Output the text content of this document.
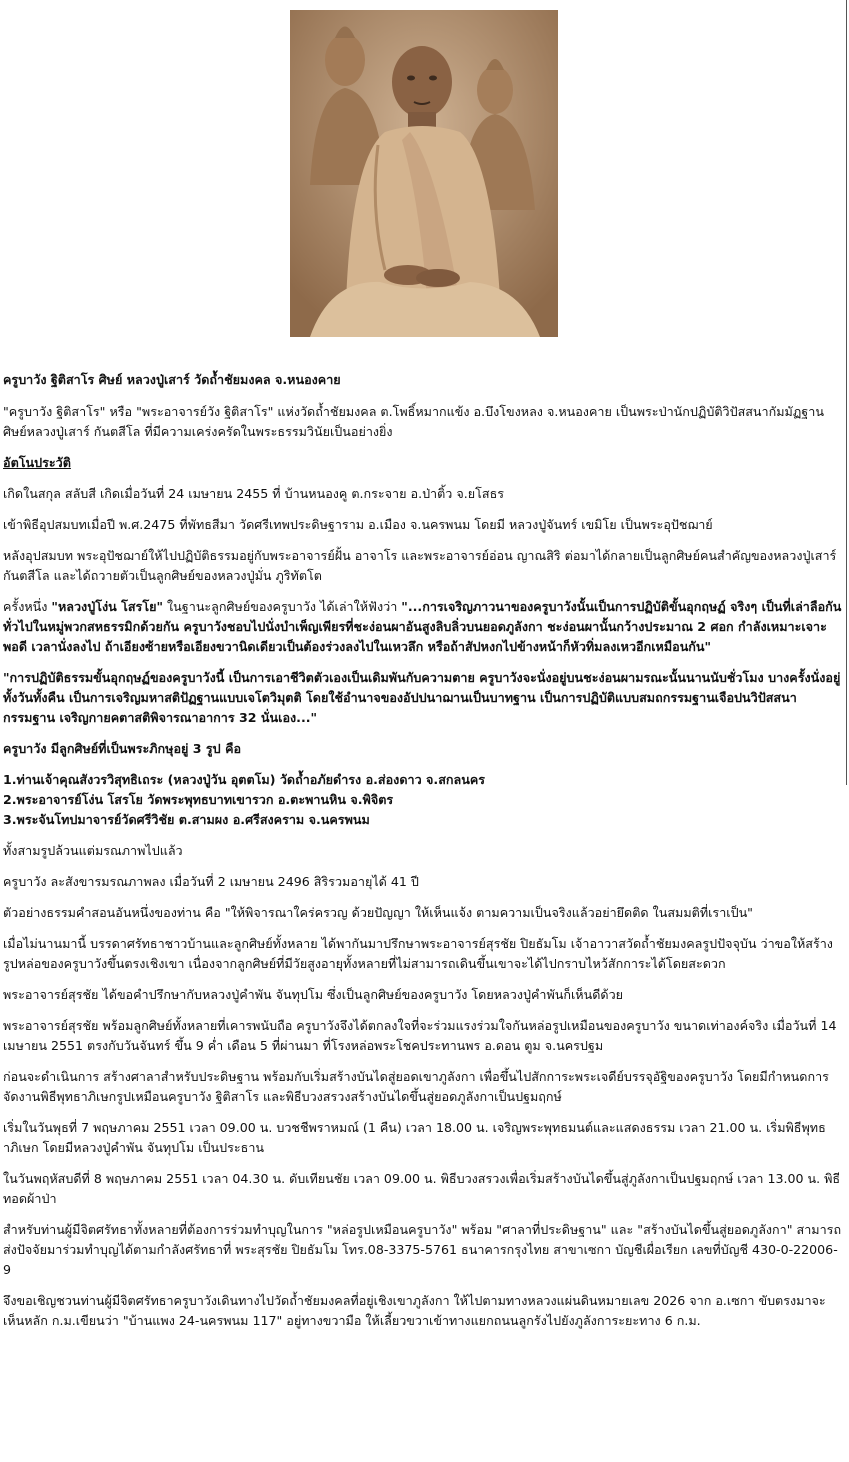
ครูบาวัง ฐิติสาโร ศิษย์ หลวงปู่เสาร์ วัดถ้ำชัยมงคล จ.หนองคาย

"ครูบาวัง ฐิติสาโร" หรือ "พระอาจารย์วัง ฐิติสาโร" แห่งวัดถ้ำชัยมงคล ต.โพธิ์หมากแข้ง อ.บึงโขงหลง จ.หนองคาย เป็นพระป่านักปฏิบัติวิปัสสนากัมมัฏฐานศิษย์หลวงปู่เสาร์ กันตสีโล ที่มีความเคร่งครัดในพระธรรมวินัยเป็นอย่างยิ่ง

อัตโนประวัติ

เกิดในสกุล สลับสี เกิดเมื่อวันที่ 24 เมษายน 2455 ที่ บ้านหนองคู ต.กระจาย อ.ป่าติ้ว จ.ยโสธร

เข้าพิธีอุปสมบทเมื่อปี พ.ศ.2475 ที่พัทธสีมา วัดศรีเทพประดิษฐาราม อ.เมือง จ.นครพนม โดยมี หลวงปู่จันทร์ เขมิโย เป็นพระอุปัชฌาย์

หลังอุปสมบท พระอุปัชฌาย์ให้ไปปฏิบัติธรรมอยู่กับพระอาจารย์ฝั้น อาจาโร และพระอาจารย์อ่อน ญาณสิริ ต่อมาได้กลายเป็นลูกศิษย์คนสำคัญของหลวงปู่เสาร์ กันตสีโล และได้ถวายตัวเป็นลูกศิษย์ของหลวงปู่มั่น ภูริทัตโต

ครั้งหนึ่ง "หลวงปู่โง่น โสรโย" ในฐานะลูกศิษย์ของครูบาวัง ได้เล่าให้ฟังว่า "...การเจริญภาวนาของครูบาวังนั้นเป็นการปฏิบัติขั้นอุกฤษฏ์ จริงๆ เป็นที่เล่าลือกันทั่วไปในหมู่พวกสหธรรมิกด้วยกัน ครูบาวังชอบไปนั่งบำเพ็ญเพียรที่ชะง่อนผาอันสูงลิบลิ่วบนยอดภูลังกา ชะง่อนผานั้นกว้างประมาณ 2 ศอก กำลังเหมาะเจาะพอดี เวลานั่งลงไป ถ้าเอียงซ้ายหรือเอียงขวานิดเดียวเป็นต้องร่วงลงไปในเหวลึก หรือถ้าสัปหงกไปข้างหน้าก็หัวทิ่มลงเหวอีกเหมือนกัน"

"การปฏิบัติธรรมขั้นอุกฤษฏ์ของครูบาวังนี้ เป็นการเอาชีวิตตัวเองเป็นเดิมพันกับความตาย ครูบาวังจะนั่งอยู่บนชะง่อนผามรณะนั้นนานนับชั่วโมง บางครั้งนั่งอยู่ทั้งวันทั้งคืน เป็นการเจริญมหาสติปัฏฐานแบบเจโตวิมุตติ โดยใช้อำนาจของอัปปนาฌานเป็นบาทฐาน เป็นการปฏิบัติแบบสมถกรรมฐานเจือปนวิปัสสนากรรมฐาน เจริญกายคตาสติพิจารณาอาการ 32 นั่นเอง..."

ครูบาวัง มีลูกศิษย์ที่เป็นพระภิกษุอยู่ 3 รูป คือ

1.ท่านเจ้าคุณสังวรวิสุทธิเถระ (หลวงปู่วัน อุตตโม) วัดถ้ำอภัยดำรง อ.ส่องดาว จ.สกลนคร
2.พระอาจารย์โง่น โสรโย วัดพระพุทธบาทเขารวก อ.ตะพานหิน จ.พิจิตร
3.พระจันโทปมาจารย์วัดศรีวิชัย ต.สามผง อ.ศรีสงคราม จ.นครพนม

ทั้งสามรูปล้วนแต่มรณภาพไปแล้ว

ครูบาวัง ละสังขารมรณภาพลง เมื่อวันที่ 2 เมษายน 2496 สิริรวมอายุได้ 41 ปี

ตัวอย่างธรรมคำสอนอันหนึ่งของท่าน คือ "ให้พิจารณาใคร่ครวญ ด้วยปัญญา ให้เห็นแจ้ง ตามความเป็นจริงแล้วอย่ายึดติด ในสมมติที่เราเป็น"

เมื่อไม่นานมานี้ บรรดาศรัทธาชาวบ้านและลูกศิษย์ทั้งหลาย ได้พากันมาปรึกษาพระอาจารย์สุรชัย ปิยธัมโม เจ้าอาวาสวัดถ้ำชัยมงคลรูปปัจจุบัน ว่าขอให้สร้างรูปหล่อของครูบาวังขึ้นตรงเชิงเขา เนื่องจากลูกศิษย์ที่มีวัยสูงอายุทั้งหลายที่ไม่สามารถเดินขึ้นเขาจะได้ไปกราบไหว้สักการะได้โดยสะดวก

พระอาจารย์สุรชัย ได้ขอคำปรึกษากับหลวงปู่คำพัน จันทุปโม ซึ่งเป็นลูกศิษย์ของครูบาวัง โดยหลวงปู่คำพันก็เห็นดีด้วย

พระอาจารย์สุรชัย พร้อมลูกศิษย์ทั้งหลายที่เคารพนับถือ ครูบาวังจึงได้ตกลงใจที่จะร่วมแรงร่วมใจกันหล่อรูปเหมือนของครูบาวัง ขนาดเท่าองค์จริง เมื่อวันที่ 14 เมษายน 2551 ตรงกับวันจันทร์ ขึ้น 9 ค่ำ เดือน 5 ที่ผ่านมา ที่โรงหล่อพระโชคประทานพร อ.ดอน ตูม จ.นครปฐม

ก่อนจะดำเนินการ สร้างศาลาสำหรับประดิษฐาน พร้อมกับเริ่มสร้างบันไดสู่ยอดเขาภูลังกา เพื่อขึ้นไปสักการะพระเจดีย์บรรจุอัฐิของครูบาวัง โดยมีกำหนดการจัดงานพิธีพุทธาภิเษกรูปเหมือนครูบาวัง ฐิติสาโร และพิธีบวงสรวงสร้างบันไดขึ้นสู่ยอดภูลังกาเป็นปฐมฤกษ์

เริ่มในวันพุธที่ 7 พฤษภาคม 2551 เวลา 09.00 น. บวชชีพราหมณ์ (1 คืน) เวลา 18.00 น. เจริญพระพุทธมนต์และแสดงธรรม เวลา 21.00 น. เริ่มพิธีพุทธาภิเษก โดยมีหลวงปู่คำพัน จันทุปโม เป็นประธาน

ในวันพฤหัสบดีที่ 8 พฤษภาคม 2551 เวลา 04.30 น. ดับเทียนชัย เวลา 09.00 น. พิธีบวงสรวงเพื่อเริ่มสร้างบันไดขึ้นสู่ภูลังกาเป็นปฐมฤกษ์ เวลา 13.00 น. พิธีทอดผ้าป่า

สำหรับท่านผู้มีจิตศรัทธาทั้งหลายที่ต้องการร่วมทำบุญในการ "หล่อรูปเหมือนครูบาวัง" พร้อม "ศาลาที่ประดิษฐาน" และ "สร้างบันไดขึ้นสู่ยอดภูลังกา" สามารถส่งปัจจัยมาร่วมทำบุญได้ตามกำลังศรัทธาที่ พระสุรชัย ปิยธัมโม โทร.08-3375-5761 ธนาคารกรุงไทย สาขาเซกา บัญชีเผื่อเรียก เลขที่บัญชี 430-0-22006-9

จึงขอเชิญชวนท่านผู้มีจิตศรัทธาครูบาวังเดินทางไปวัดถ้ำชัยมงคลที่อยู่เชิงเขาภูลังกา ให้ไปตามทางหลวงแผ่นดินหมายเลข 2026 จาก อ.เซกา ขับตรงมาจะเห็นหลัก ก.ม.เขียนว่า "บ้านแพง 24-นครพนม 117" อยู่ทางขวามือ ให้เลี้ยวขวาเข้าทางแยกถนนลูกรังไปยังภูลังการะยะทาง 6 ก.ม.
